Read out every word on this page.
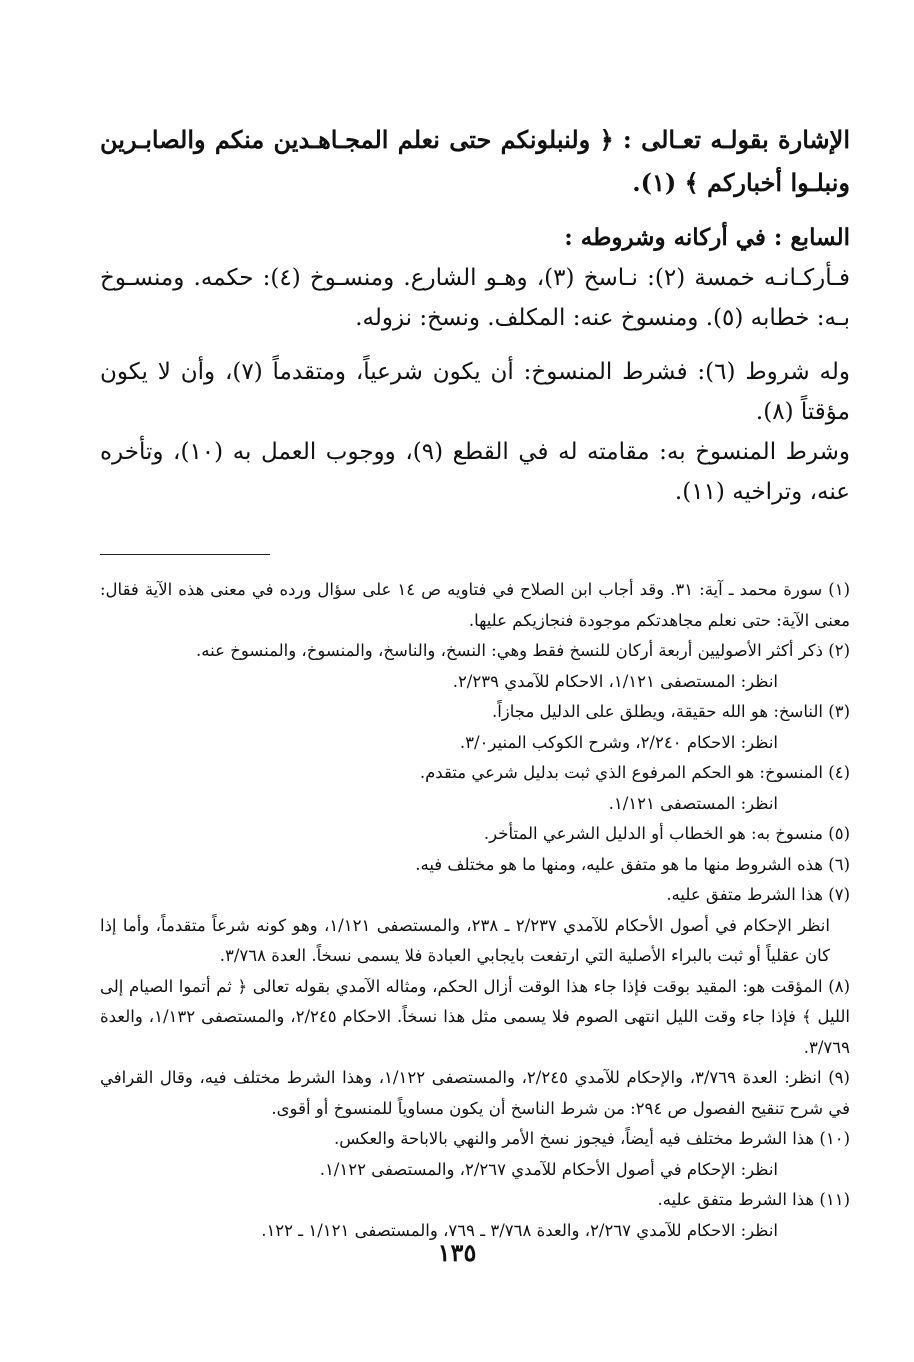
الإشارة بقولـه تعـالى : ﴿ ولنبلونكم حتى نعلم المجـاهـدين منكم والصابـرين ونبلـوا أخباركم ﴾ (١).

السابع : في أركانه وشروطه :

فـأركـانـه خمسة (٢): نـاسخ (٣)، وهـو الشارع. ومنسـوخ (٤): حكمه. ومنسـوخ بـه: خطابه (٥). ومنسوخ عنه: المكلف. ونسخ: نزوله.

وله شروط (٦): فشرط المنسوخ: أن يكون شرعياً، ومتقدماً (٧)، وأن لا يكون مؤقتاً (٨).

وشرط المنسوخ به: مقامته له في القطع (٩)، ووجوب العمل به (١٠)، وتأخره عنه، وتراخيه (١١).

(١) سورة محمد ـ آية: ٣١. وقد أجاب ابن الصلاح في فتاويه ص ١٤ على سؤال ورده في معنى هذه الآية فقال: معنى الآية: حتى نعلم مجاهدتكم موجودة فنجازيكم عليها.

(٢) ذكر أكثر الأصوليين أربعة أركان للنسخ فقط وهي: النسخ، والناسخ، والمنسوخ، والمنسوخ عنه.

انظر: المستصفى ١/١٢١، الاحكام للآمدي ٢/٢٣٩.

(٣) الناسخ: هو الله حقيقة، ويطلق على الدليل مجازاً.

انظر: الاحكام ٢/٢٤٠، وشرح الكوكب المنير٣/٠.

(٤) المنسوخ: هو الحكم المرفوع الذي ثبت بدليل شرعي متقدم.

انظر: المستصفى ١/١٢١.

(٥) منسوخ به: هو الخطاب أو الدليل الشرعي المتأخر.

(٦) هذه الشروط منها ما هو متفق عليه، ومنها ما هو مختلف فيه.

(٧) هذا الشرط متفق عليه.

انظر الإحكام في أصول الأحكام للآمدي ٢/٢٣٧ ـ ٢٣٨، والمستصفى ١/١٢١، وهو كونه شرعاً متقدماً، وأما إذا كان عقلياً أو ثبت بالبراء الأصلية التي ارتفعت بايجابي العبادة فلا يسمى نسخاً. العدة ٣/٧٦٨.

(٨) المؤقت هو: المقيد بوقت فإذا جاء هذا الوقت أزال الحكم، ومثاله الآمدي بقوله تعالى ﴿ ثم أتموا الصيام إلى الليل ﴾ فإذا جاء وقت الليل انتهى الصوم فلا يسمى مثل هذا نسخاً. الاحكام ٢/٢٤٥، والمستصفى ١/١٣٢، والعدة ٣/٧٦٩.

(٩) انظر: العدة ٣/٧٦٩، والإحكام للآمدي ٢/٢٤٥، والمستصفى ١/١٢٢، وهذا الشرط مختلف فيه، وقال القرافي في شرح تنقيح الفصول ص ٢٩٤: من شرط الناسخ أن يكون مساوياً للمنسوخ أو أقوى.

(١٠) هذا الشرط مختلف فيه أيضاً، فيجوز نسخ الأمر والنهي بالاباحة والعكس.

انظر: الإحكام في أصول الأحكام للآمدي ٢/٢٦٧، والمستصفى ١/١٢٢.

(١١) هذا الشرط متفق عليه.

انظر: الاحكام للآمدي ٢/٢٦٧، والعدة ٣/٧٦٨ ـ ٧٦٩، والمستصفى ١/١٢١ ـ ١٢٢.

١٣٥
